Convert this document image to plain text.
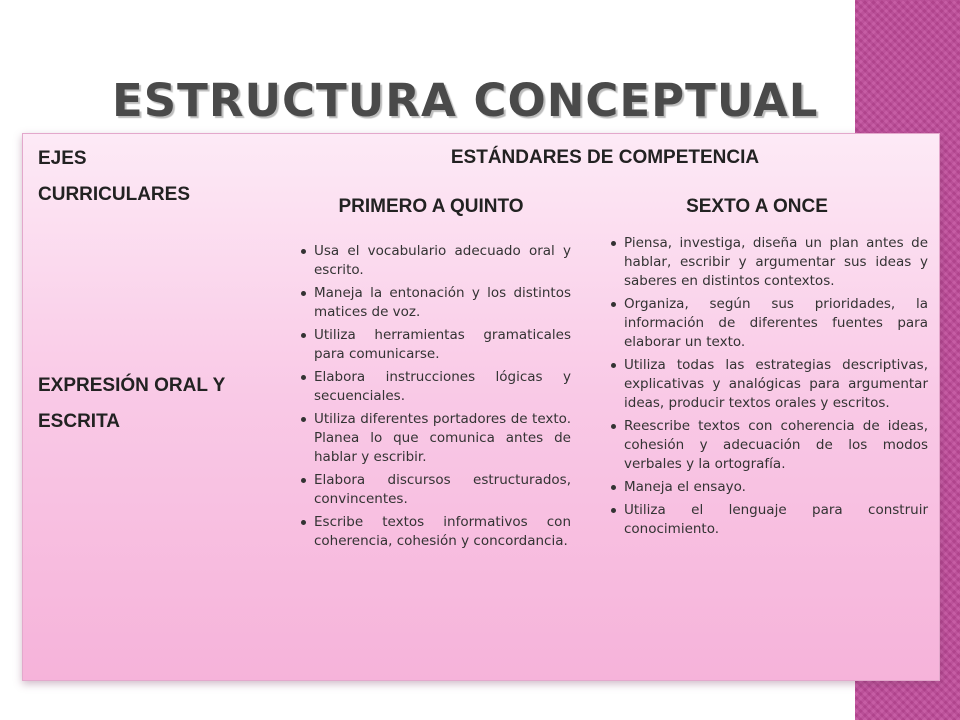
ESTRUCTURA CONCEPTUAL

EJES CURRICULARES

ESTÁNDARES DE COMPETENCIA

PRIMERO A QUINTO	SEXTO A ONCE

EXPRESIÓN ORAL Y ESCRITA

Usa el vocabulario adecuado oral y escrito.
Maneja la entonación y los distintos matices de voz.
Utiliza herramientas gramaticales para comunicarse.
Elabora instrucciones lógicas y secuenciales.
Utiliza diferentes portadores de texto. Planea lo que comunica antes de hablar y escribir.
Elabora discursos estructurados, convincentes.
Escribe textos informativos con coherencia, cohesión y concordancia.
Piensa, investiga, diseña un plan antes de hablar, escribir y argumentar sus ideas y saberes en distintos contextos.
Organiza, según sus prioridades, la información de diferentes fuentes para elaborar un texto.
Utiliza todas las estrategias descriptivas, explicativas y analógicas para argumentar ideas, producir textos orales y escritos.
Reescribe textos con coherencia de ideas, cohesión y adecuación de los modos verbales y la ortografía.
Maneja el ensayo.
Utiliza el lenguaje para construir conocimiento.
